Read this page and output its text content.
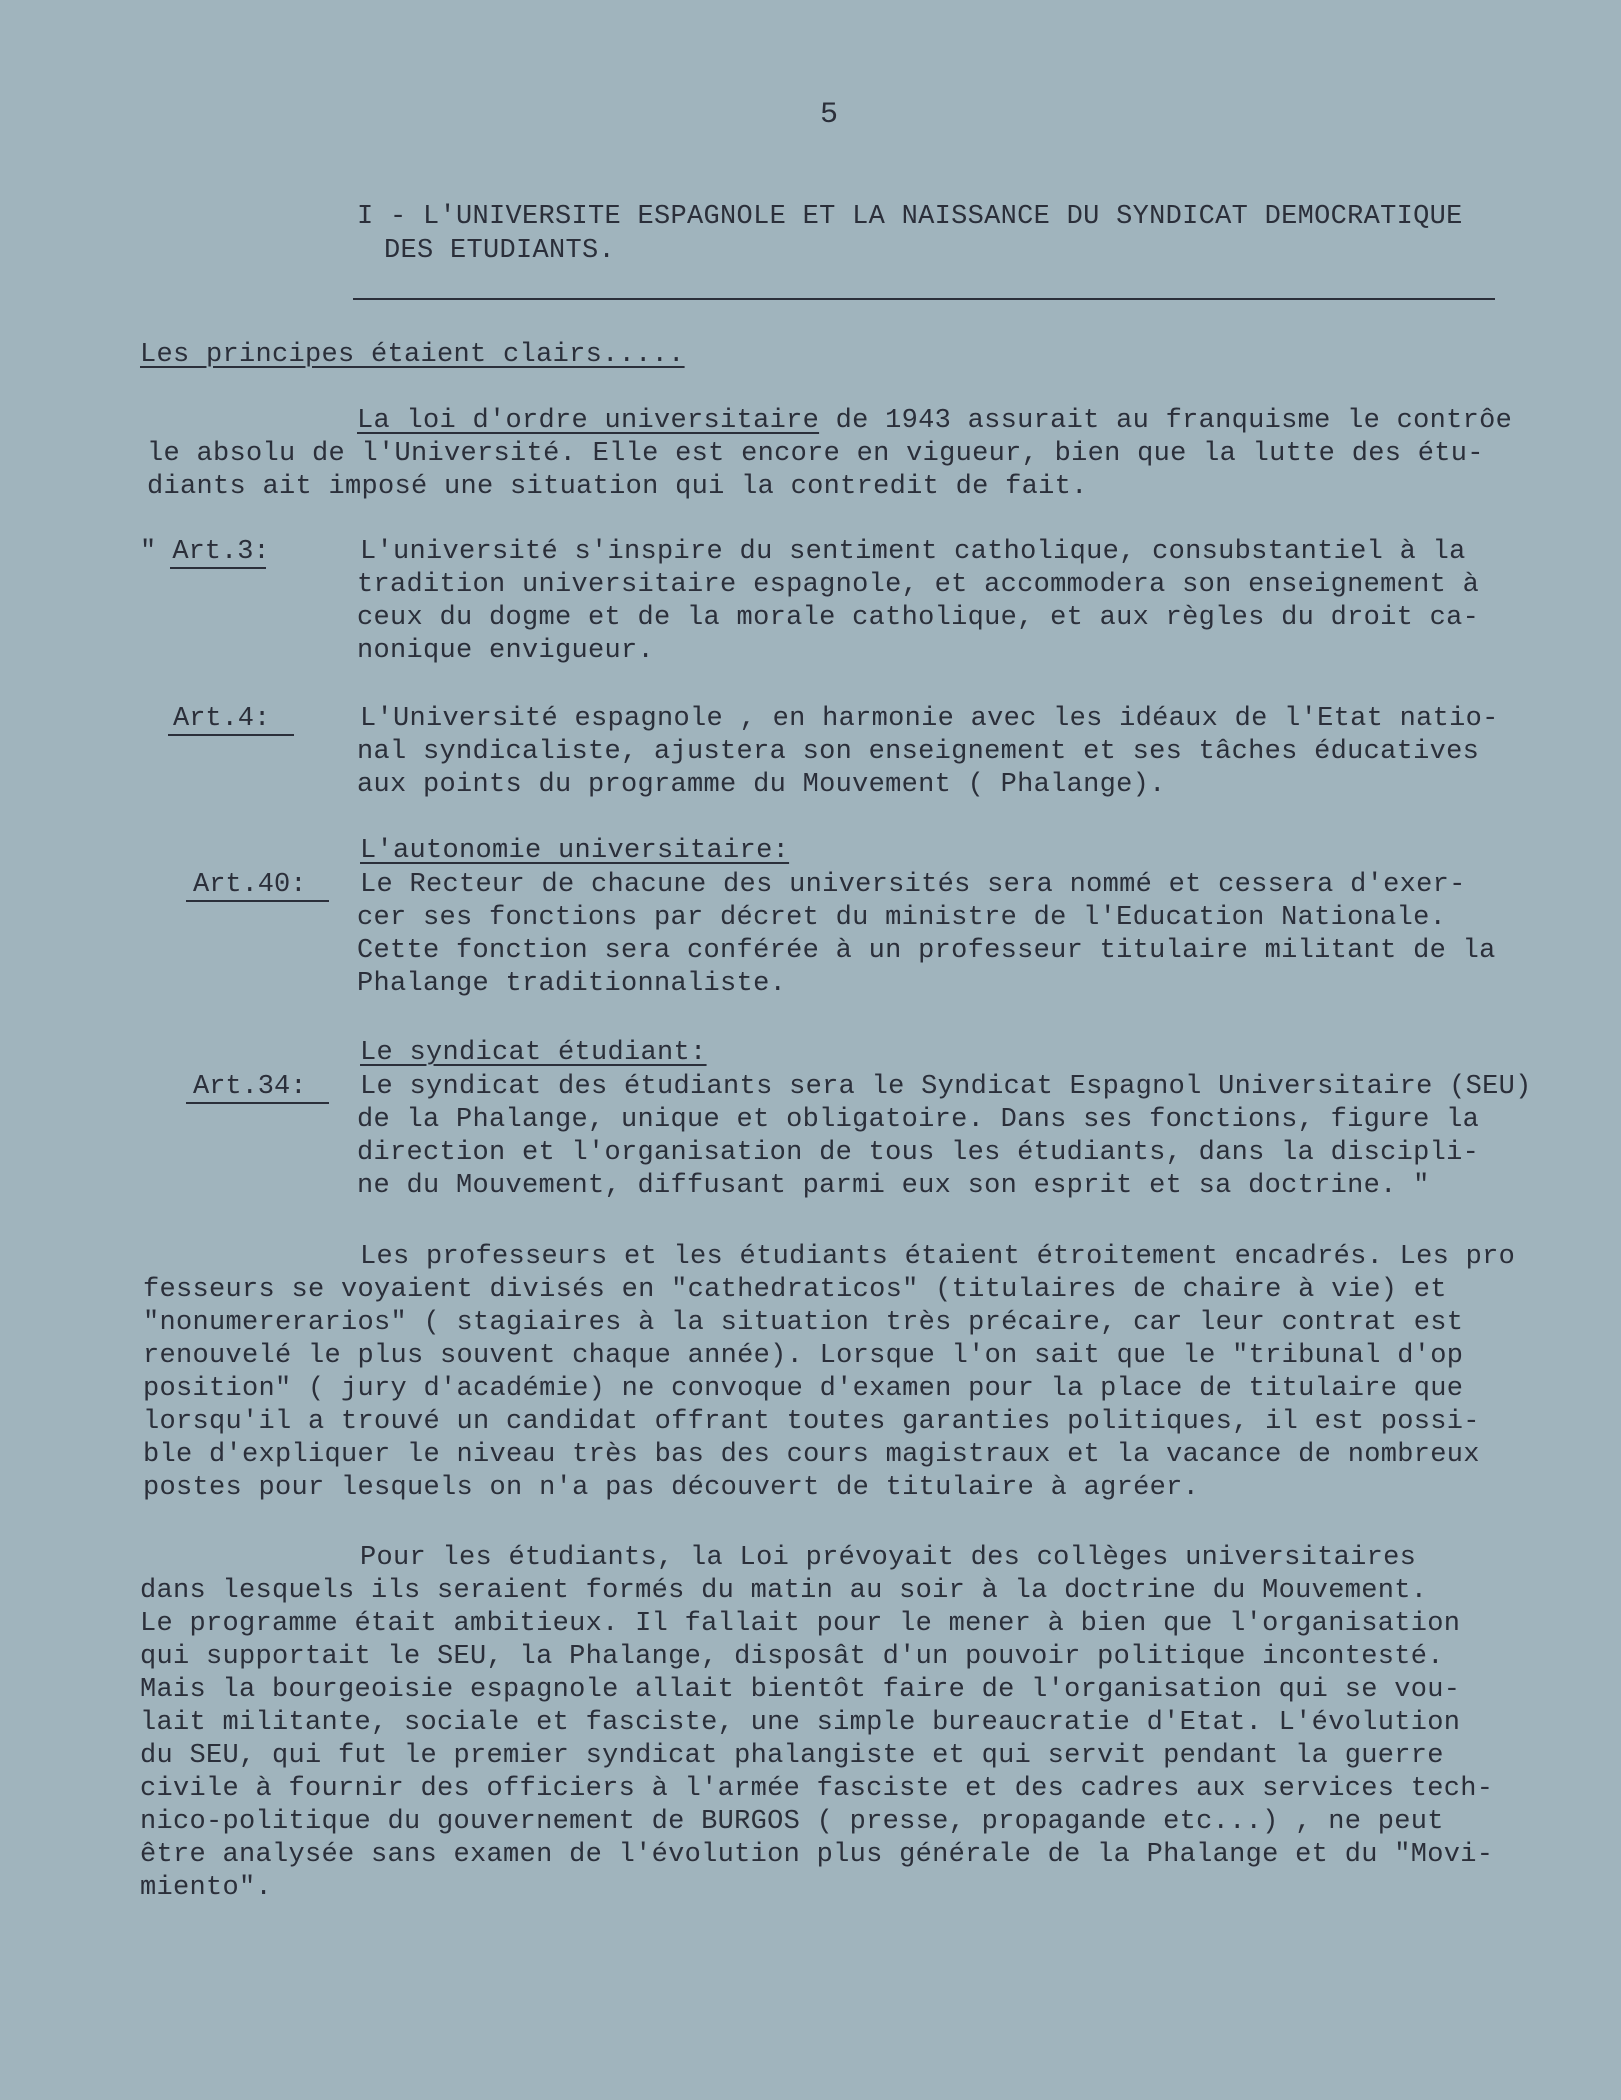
5
I - L'UNIVERSITE ESPAGNOLE ET LA NAISSANCE DU SYNDICAT DEMOCRATIQUE
DES ETUDIANTS.
Les principes étaient clairs.....
La loi d'ordre universitaire de 1943 assurait au franquisme le contrôe
le absolu de l'Université. Elle est encore en vigueur, bien que la lutte des étu-
diants ait imposé une situation qui la contredit de fait.
" Art.3:	L'université s'inspire du sentiment catholique, consubstantiel à la
tradition universitaire espagnole, et accommodera son enseignement à
ceux du dogme et de la morale catholique, et aux règles du droit ca-
nonique envigueur.
Art.4:	L'Université espagnole , en harmonie avec les idéaux de l'Etat natio-
nal syndicaliste, ajustera son enseignement et ses tâches éducatives
aux points du programme du Mouvement ( Phalange).
L'autonomie universitaire:
Art.40: Le Recteur de chacune des universités sera nommé et cessera d'exer-
cer ses fonctions par décret du ministre de l'Education Nationale.
Cette fonction sera conférée à un professeur titulaire militant de la
Phalange traditionnaliste.
Le syndicat étudiant:
Art.34: Le syndicat des étudiants sera le Syndicat Espagnol Universitaire (SEU)
de la Phalange, unique et obligatoire. Dans ses fonctions, figure la
direction et l'organisation de tous les étudiants, dans la discipli-
ne du Mouvement, diffusant parmi eux son esprit et sa doctrine. "
Les professeurs et les étudiants étaient étroitement encadrés. Les pro
fesseurs se voyaient divisés en "cathedraticos" (titulaires de chaire à vie) et
"nonumererarios" ( stagiaires à la situation très précaire, car leur contrat est
renouvelé le plus souvent chaque année). Lorsque l'on sait que le "tribunal d'op
position" ( jury d'académie) ne convoque d'examen pour la place de titulaire que
lorsqu'il a trouvé un candidat offrant toutes garanties politiques, il est possi-
ble d'expliquer le niveau très bas des cours magistraux et la vacance de nombreux
postes pour lesquels on n'a pas découvert de titulaire à agréer.
Pour les étudiants, la Loi prévoyait des collèges universitaires
dans lesquels ils seraient formés du matin au soir à la doctrine du Mouvement.
Le programme était ambitieux. Il fallait pour le mener à bien que l'organisation
qui supportait le SEU, la Phalange, disposât d'un pouvoir politique incontesté.
Mais la bourgeoisie espagnole allait bientôt faire de l'organisation qui se vou-
lait militante, sociale et fasciste, une simple bureaucratie d'Etat. L'évolution
du SEU, qui fut le premier syndicat phalangiste et qui servit pendant la guerre
civile à fournir des officiers à l'armée fasciste et des cadres aux services tech-
nico-politique du gouvernement de BURGOS ( presse, propagande etc...) , ne peut
être analysée sans examen de l'évolution plus générale de la Phalange et du "Movi-
miento".
